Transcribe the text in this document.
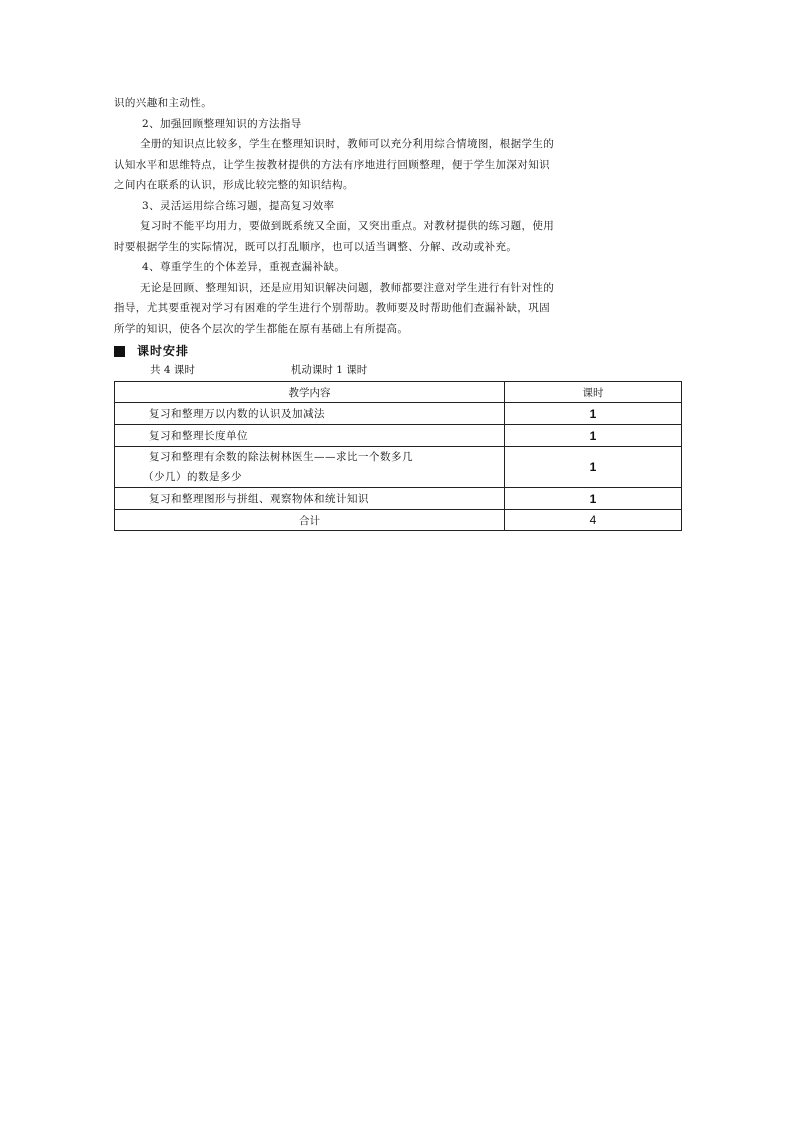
识的兴趣和主动性。
2、加强回顾整理知识的方法指导
全册的知识点比较多，学生在整理知识时，教师可以充分利用综合情境图，根据学生的
认知水平和思维特点，让学生按教材提供的方法有序地进行回顾整理，便于学生加深对知识
之间内在联系的认识，形成比较完整的知识结构。
3、灵活运用综合练习题，提高复习效率
复习时不能平均用力，要做到既系统又全面，又突出重点。对教材提供的练习题，使用
时要根据学生的实际情况，既可以打乱顺序，也可以适当调整、分解、改动或补充。
4、尊重学生的个体差异，重视查漏补缺。
无论是回顾、整理知识，还是应用知识解决问题，教师都要注意对学生进行有针对性的
指导，尤其要重视对学习有困难的学生进行个别帮助。教师要及时帮助他们查漏补缺，巩固
所学的知识，使各个层次的学生都能在原有基础上有所提高。
课时安排
共 4 课时	机动课时 1 课时
教学内容	课时
复习和整理万以内数的认识及加减法	1
复习和整理长度单位	1

复习和整理有余数的除法树林医生——求比一个数多几
（少几）的数是多少	1
复习和整理图形与拼组、观察物体和统计知识	1
合计	4
